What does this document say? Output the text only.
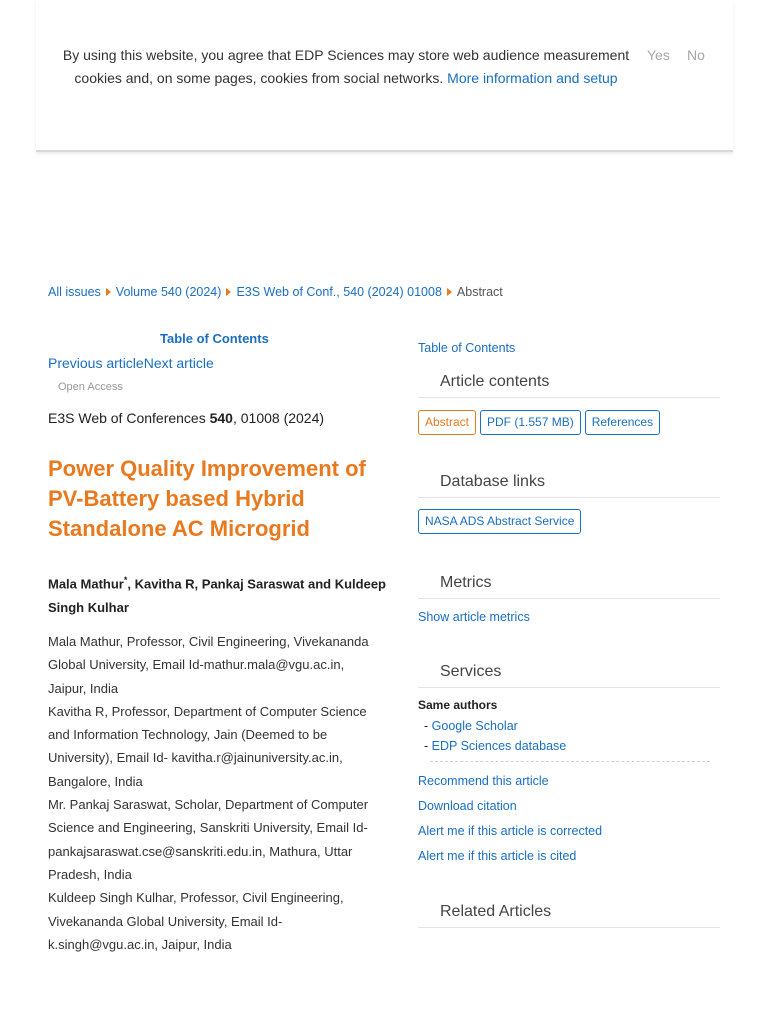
By using this website, you agree that EDP Sciences may store web audience measurement cookies and, on some pages, cookies from social networks. More information and setup
Yes No
All issues Volume 540 (2024) E3S Web of Conf., 540 (2024) 01008 Abstract
Table of Contents
Previous articleNext article
Open Access
E3S Web of Conferences 540, 01008 (2024)
Power Quality Improvement of PV-Battery based Hybrid Standalone AC Microgrid
Mala Mathur*, Kavitha R, Pankaj Saraswat and Kuldeep Singh Kulhar

Mala Mathur, Professor, Civil Engineering, Vivekananda Global University, Email Id-mathur.mala@vgu.ac.in, Jaipur, India

Kavitha R, Professor, Department of Computer Science and Information Technology, Jain (Deemed to be University), Email Id- kavitha.r@jainuniversity.ac.in, Bangalore, India

Mr. Pankaj Saraswat, Scholar, Department of Computer Science and Engineering, Sanskriti University, Email Id-pankajsaraswat.cse@sanskriti.edu.in, Mathura, Uttar Pradesh, India

Kuldeep Singh Kulhar, Professor, Civil Engineering, Vivekananda Global University, Email Id-k.singh@vgu.ac.in, Jaipur, India

Table of Contents
Article contents
Abstract PDF (1.557 MB) References
Database links
NASA ADS Abstract Service
Metrics
Show article metrics
Services
Same authors
- Google Scholar
- EDP Sciences database
Recommend this article
Download citation
Alert me if this article is corrected
Alert me if this article is cited
Related Articles
